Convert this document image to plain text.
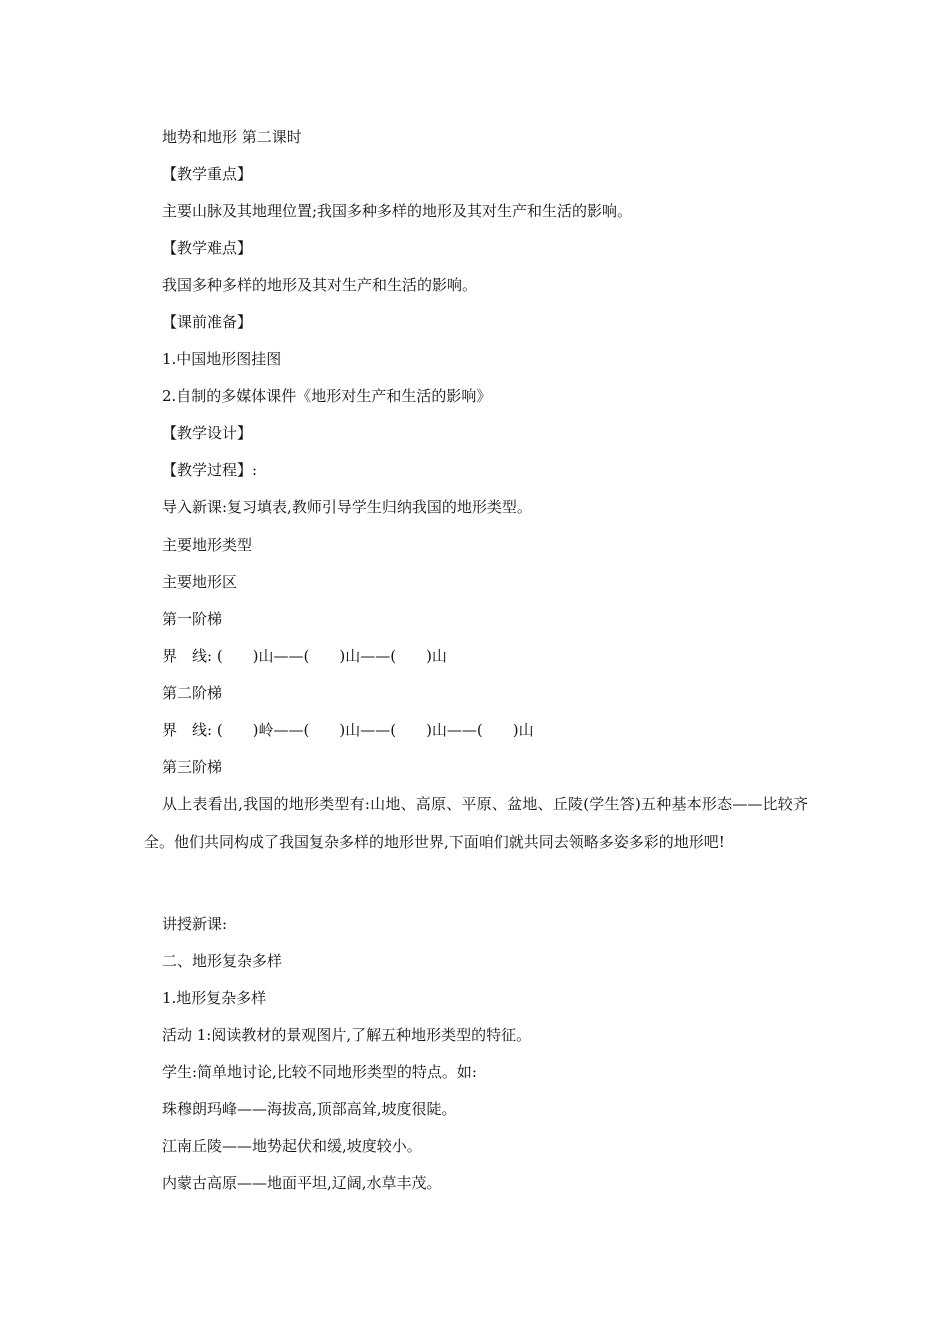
地势和地形 第二课时
【教学重点】
主要山脉及其地理位置;我国多种多样的地形及其对生产和生活的影响。
【教学难点】
我国多种多样的地形及其对生产和生活的影响。
【课前准备】
1.中国地形图挂图
2.自制的多媒体课件《地形对生产和生活的影响》
【教学设计】
【教学过程】:
导入新课:复习填表,教师引导学生归纳我国的地形类型。
主要地形类型
主要地形区
第一阶梯
界　线: (　　)山——(　　)山——(　　)山
第二阶梯
界　线: (　　)岭——(　　)山——(　　)山——(　　)山
第三阶梯
从上表看出,我国的地形类型有:山地、高原、平原、盆地、丘陵(学生答)五种基本形态——比较齐全。他们共同构成了我国复杂多样的地形世界,下面咱们就共同去领略多姿多彩的地形吧!
讲授新课:
二、地形复杂多样
1.地形复杂多样
活动 1:阅读教材的景观图片,了解五种地形类型的特征。
学生:简单地讨论,比较不同地形类型的特点。如:
珠穆朗玛峰——海拔高,顶部高耸,坡度很陡。
江南丘陵——地势起伏和缓,坡度较小。
内蒙古高原——地面平坦,辽阔,水草丰茂。
